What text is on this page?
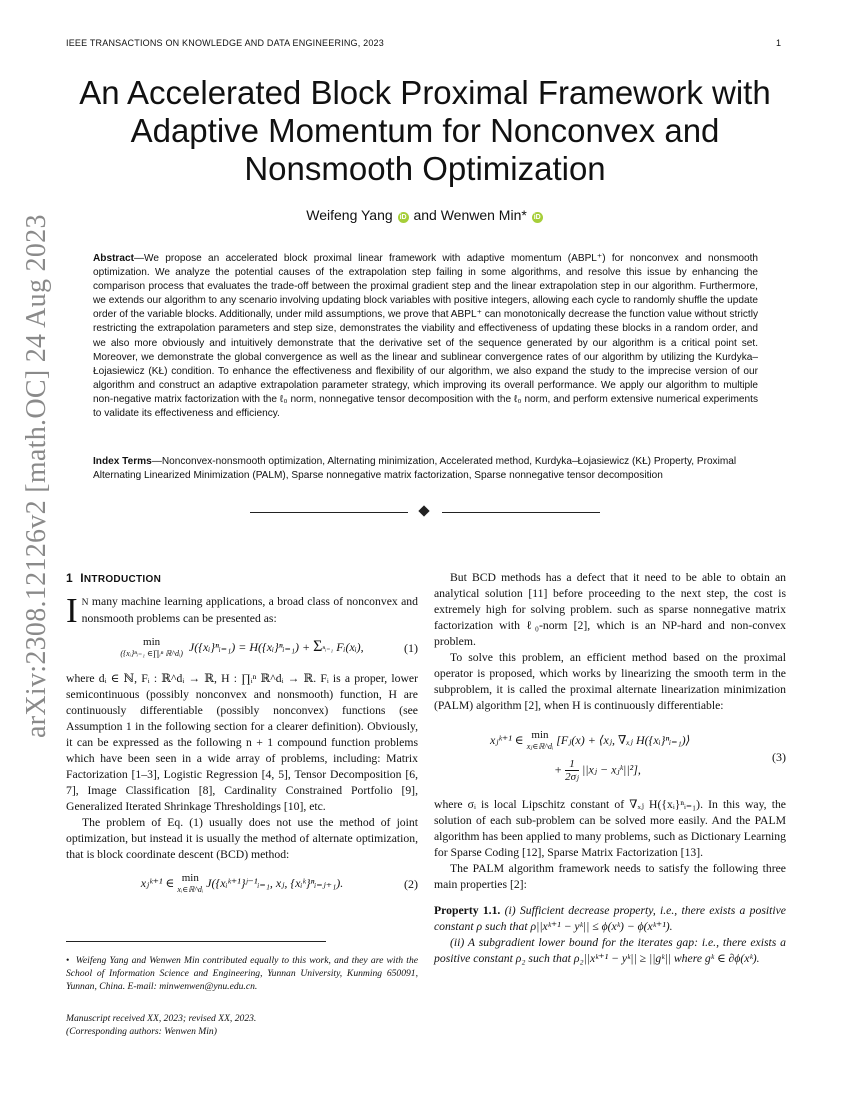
IEEE TRANSACTIONS ON KNOWLEDGE AND DATA ENGINEERING, 2023	1
arXiv:2308.12126v2 [math.OC] 24 Aug 2023
An Accelerated Block Proximal Framework with
Adaptive Momentum for Nonconvex and
Nonsmooth Optimization
Weifeng Yang iD and Wenwen Min* iD
Abstract—We propose an accelerated block proximal linear framework with adaptive momentum (ABPL⁺) for nonconvex and nonsmooth optimization. We analyze the potential causes of the extrapolation step failing in some algorithms, and resolve this issue by enhancing the comparison process that evaluates the trade-off between the proximal gradient step and the linear extrapolation step in our algorithm. Furthermore, we extends our algorithm to any scenario involving updating block variables with positive integers, allowing each cycle to randomly shuffle the update order of the variable blocks. Additionally, under mild assumptions, we prove that ABPL⁺ can monotonically decrease the function value without strictly restricting the extrapolation parameters and step size, demonstrates the viability and effectiveness of updating these blocks in a random order, and we also more obviously and intuitively demonstrate that the derivative set of the sequence generated by our algorithm is a critical point set. Moreover, we demonstrate the global convergence as well as the linear and sublinear convergence rates of our algorithm by utilizing the Kurdyka–Łojasiewicz (KŁ) condition. To enhance the effectiveness and flexibility of our algorithm, we also expand the study to the imprecise version of our algorithm and construct an adaptive extrapolation parameter strategy, which improving its overall performance. We apply our algorithm to multiple non-negative matrix factorization with the ℓ₀ norm, nonnegative tensor decomposition with the ℓ₀ norm, and perform extensive numerical experiments to validate its effectiveness and efficiency.
Index Terms—Nonconvex-nonsmooth optimization, Alternating minimization, Accelerated method, Kurdyka–Łojasiewicz (KŁ) Property, Proximal Alternating Linearized Minimization (PALM), Sparse nonnegative matrix factorization, Sparse nonnegative tensor decomposition
1 INTRODUCTION

I N many machine learning applications, a broad class of nonconvex and nonsmooth problems can be presented as:

min
({xᵢ}ⁿᵢ₌₁ ∈∏ᵢⁿ ℝ^dᵢ)  J({xᵢ}ⁿᵢ₌₁) = H({xᵢ}ⁿᵢ₌₁) + Σⁿᵢ₌₁ Fᵢ(xᵢ),	(1)

where dᵢ ∈ ℕ, Fᵢ : ℝ^dᵢ → ℝ, H : ∏ᵢⁿ ℝ^dᵢ → ℝ. Fᵢ is a proper, lower semicontinuous (possibly nonconvex and nonsmooth) function, H are continuously differentiable (possibly nonconvex) functions (see Assumption 1 in the following section for a clearer definition). Obviously, it can be expressed as the following n + 1 compound function problems which have been seen in a wide array of problems, including: Matrix Factorization [1–3], Logistic Regression [4, 5], Tensor Decomposition [6, 7], Image Classification [8], Cardinality Constrained Portfolio [9], Generalized Iterated Shrinkage Thresholdings [10], etc.

The problem of Eq. (1) usually does not use the method of joint optimization, but instead it is usually the method of alternate optimization, that is block coordinate descent (BCD) method:

xⱼᵏ⁺¹ ∈ min
xᵢ∈ℝ^dᵢ J({xᵢᵏ⁺¹}ʲ⁻¹ᵢ₌₁, xⱼ, {xᵢᵏ}ⁿᵢ₌ⱼ₊₁).	(2)
• Weifeng Yang and Wenwen Min contributed equally to this work, and they are with the School of Information Science and Engineering, Yunnan University, Kunming 650091, Yunnan, China. E-mail: minwenwen@ynu.edu.cn.
Manuscript received XX, 2023; revised XX, 2023.
(Corresponding authors: Wenwen Min)

But BCD methods has a defect that it need to be able to obtain an analytical solution [11] before proceeding to the next step, the cost is extremely high for solving problem. such as sparse nonnegative matrix factorization with ℓ₀-norm [2], which is an NP-hard and non-convex problem.

To solve this problem, an efficient method based on the proximal operator is proposed, which works by linearizing the smooth term in the subproblem, it is called the proximal alternate linearization minimization (PALM) algorithm [2], when H is continuously differentiable:

xⱼᵏ⁺¹ ∈ min
xⱼ∈ℝ^dᵢ [Fⱼ(x) + ⟨xⱼ, ∇ₓⱼ H({xᵢ}ⁿᵢ₌₁)⟩
+ $\frac{1}{\text{2σⱼ}}$ ||xⱼ − xⱼᵏ||²],
(3)

where σᵢ is local Lipschitz constant of ∇ₓⱼ H({xᵢ}ⁿᵢ₌₁). In this way, the solution of each sub-problem can be solved more easily. And the PALM algorithm has been applied to many problems, such as Dictionary Learning for Sparse Coding [12], Sparse Matrix Factorization [13].

The PALM algorithm framework needs to satisfy the following three main properties [2]:

Property 1.1. (i) Sufficient decrease property, i.e., there exists a positive constant ρ such that ρ||xᵏ⁺¹ − yᵏ|| ≤ ϕ(xᵏ) − ϕ(xᵏ⁺¹).

(ii) A subgradient lower bound for the iterates gap: i.e., there exists a positive constant ρ₂ such that ρ₂||xᵏ⁺¹ − yᵏ|| ≥ ||gᵏ|| where gᵏ ∈ ∂ϕ(xᵏ).
